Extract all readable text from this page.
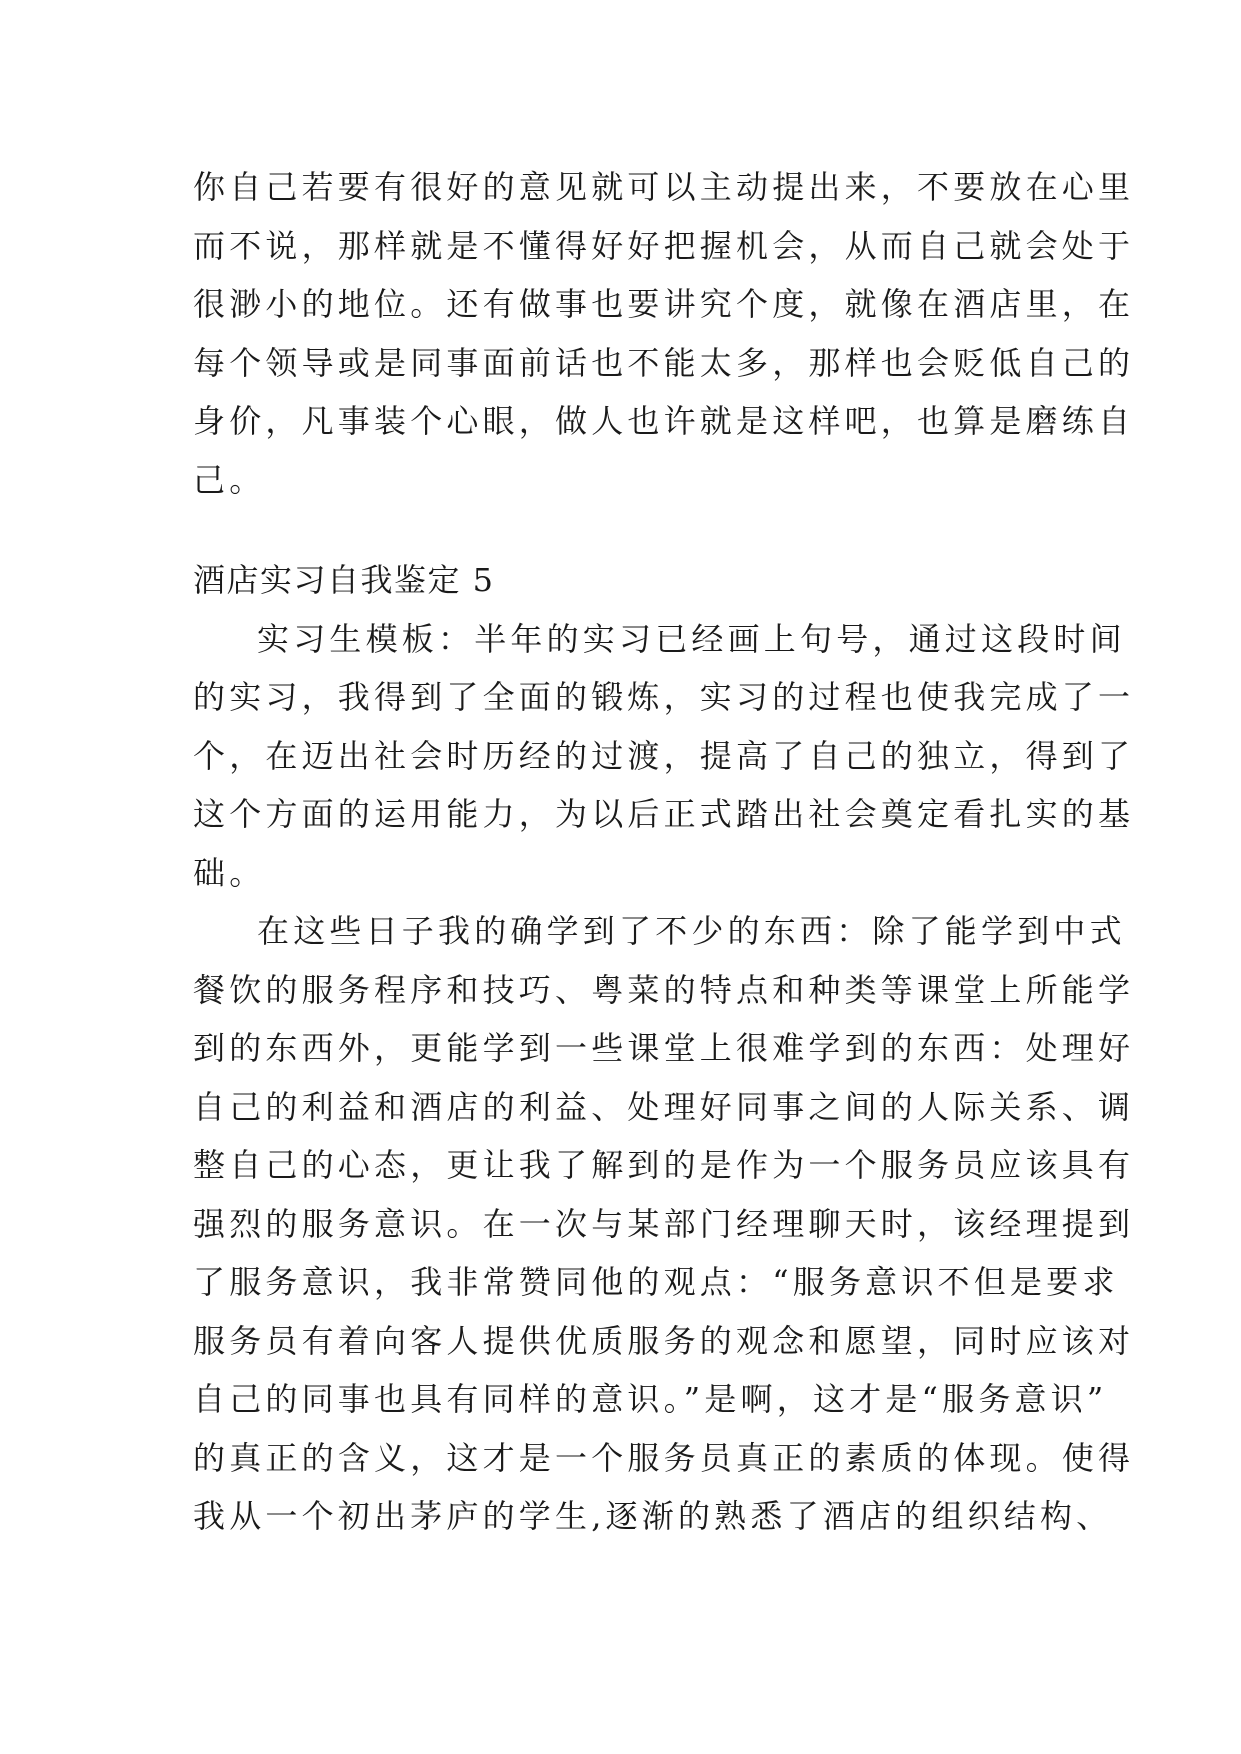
你自己若要有很好的意见就可以主动提出来，不要放在心里
而不说，那样就是不懂得好好把握机会，从而自己就会处于
很渺小的地位。还有做事也要讲究个度，就像在酒店里，在
每个领导或是同事面前话也不能太多，那样也会贬低自己的
身价，凡事装个心眼，做人也许就是这样吧，也算是磨练自
己。
酒店实习自我鉴定 5
实习生模板：半年的实习已经画上句号，通过这段时间
的实习，我得到了全面的锻炼，实习的过程也使我完成了一
个，在迈出社会时历经的过渡，提高了自己的独立，得到了
这个方面的运用能力，为以后正式踏出社会奠定看扎实的基
础。
在这些日子我的确学到了不少的东西：除了能学到中式
餐饮的服务程序和技巧、粤菜的特点和种类等课堂上所能学
到的东西外，更能学到一些课堂上很难学到的东西：处理好
自己的利益和酒店的利益、处理好同事之间的人际关系、调
整自己的心态，更让我了解到的是作为一个服务员应该具有
强烈的服务意识。在一次与某部门经理聊天时，该经理提到
了服务意识，我非常赞同他的观点：“服务意识不但是要求
服务员有着向客人提供优质服务的观念和愿望，同时应该对
自己的同事也具有同样的意识。”是啊，这才是“服务意识”
的真正的含义，这才是一个服务员真正的素质的体现。使得
我从一个初出茅庐的学生,逐渐的熟悉了酒店的组织结构、
